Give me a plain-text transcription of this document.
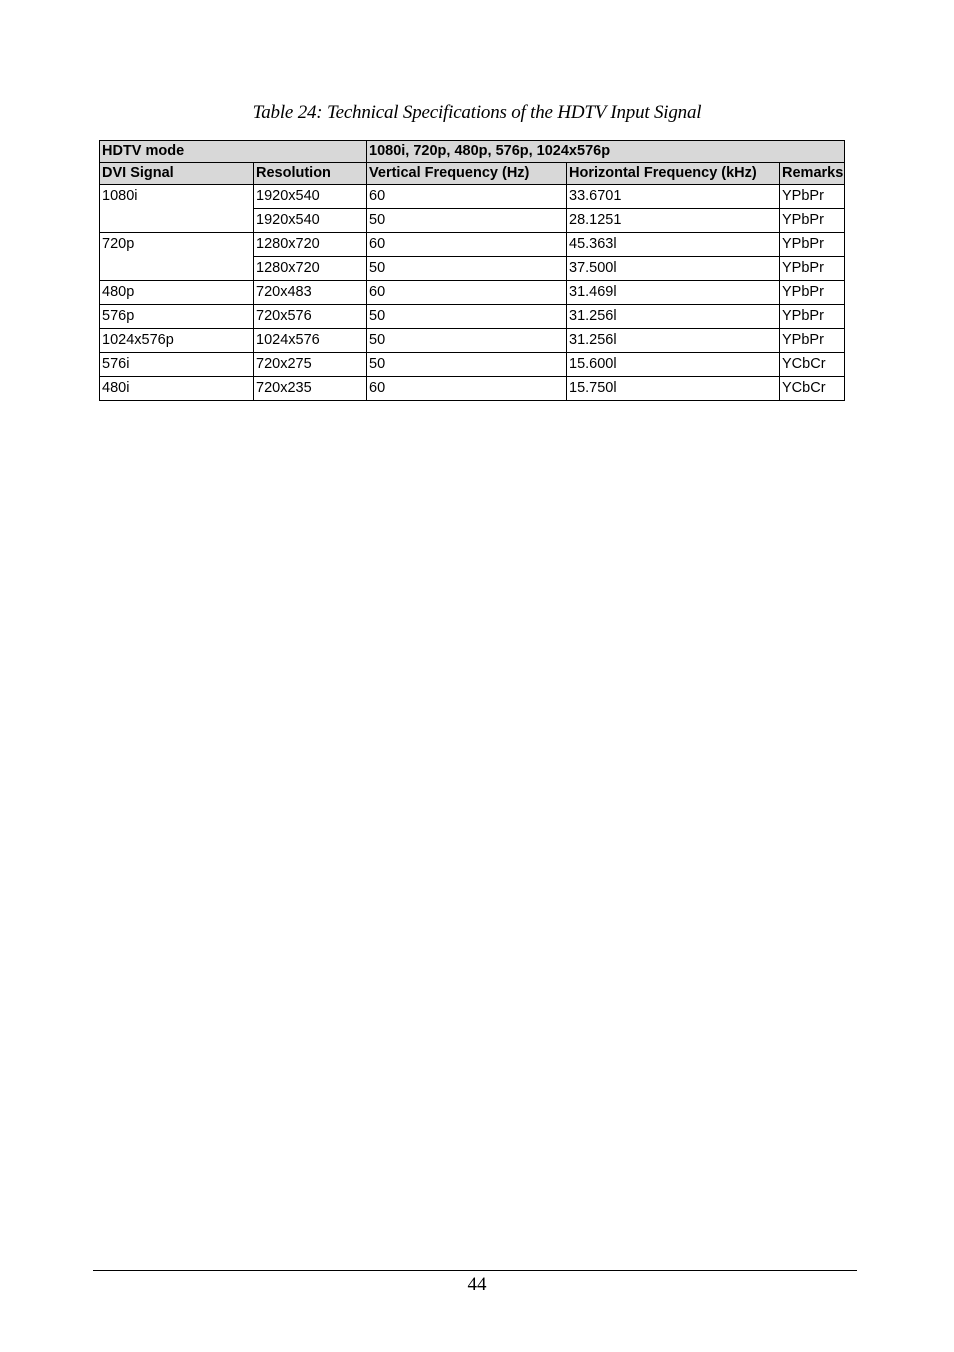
Table 24: Technical Specifications of the HDTV Input Signal
HDTV mode		1080i, 720p, 480p, 576p, 1024x576p		
DVI Signal	Resolution	Vertical Frequency (Hz)	Horizontal Frequency (kHz)	Remarks
1080i	1920x540	60	33.6701	YPbPr
	1920x540	50	28.1251	YPbPr
720p	1280x720	60	45.363l	YPbPr
	1280x720	50	37.500l	YPbPr
480p	720x483	60	31.469l	YPbPr
576p	720x576	50	31.256l	YPbPr
1024x576p	1024x576	50	31.256l	YPbPr
576i	720x275	50	15.600l	YCbCr
480i	720x235	60	15.750l	YCbCr
44
